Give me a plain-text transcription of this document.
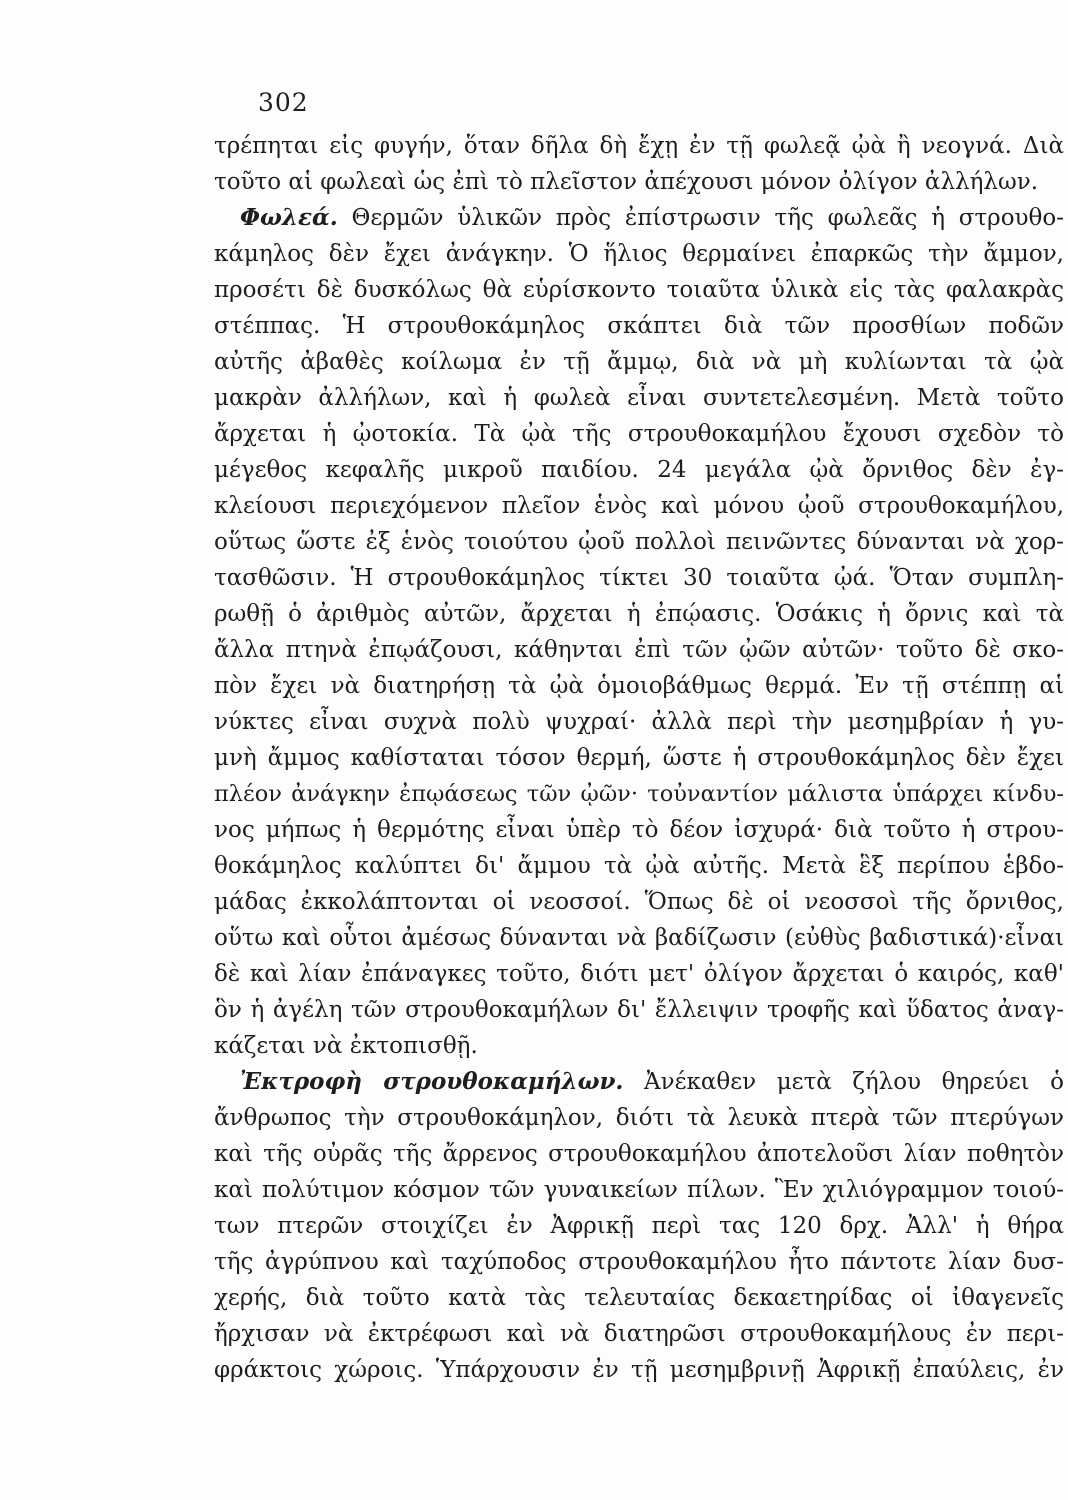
302
τρέπηται εἰς φυγήν, ὅταν δῆλα δὴ ἔχῃ ἐν τῇ φωλεᾷ ᾠὰ ἢ νεογνά. Διὰ
τοῦτο αἱ φωλεαὶ ὡς ἐπὶ τὸ πλεῖστον ἀπέχουσι μόνον ὀλίγον ἀλλήλων.
Φωλεά. Θερμῶν ὑλικῶν πρὸς ἐπίστρωσιν τῆς φωλεᾶς ἡ στρουθο-
κάμηλος δὲν ἔχει ἀνάγκην. Ὁ ἥλιος θερμαίνει ἐπαρκῶς τὴν ἄμμον,
προσέτι δὲ δυσκόλως θὰ εὑρίσκοντο τοιαῦτα ὑλικὰ εἰς τὰς φαλακρὰς
στέππας. Ἡ στρουθοκάμηλος σκάπτει διὰ τῶν προσθίων ποδῶν
αὐτῆς ἀβαθὲς κοίλωμα ἐν τῇ ἄμμῳ, διὰ νὰ μὴ κυλίωνται τὰ ᾠὰ
μακρὰν ἀλλήλων, καὶ ἡ φωλεὰ εἶναι συντετελεσμένη. Μετὰ τοῦτο
ἄρχεται ἡ ᾠοτοκία. Τὰ ᾠὰ τῆς στρουθοκαμήλου ἔχουσι σχεδὸν τὸ
μέγεθος κεφαλῆς μικροῦ παιδίου. 24 μεγάλα ᾠὰ ὄρνιθος δὲν ἐγ-
κλείουσι περιεχόμενον πλεῖον ἑνὸς καὶ μόνου ᾠοῦ στρουθοκαμήλου,
οὕτως ὥστε ἐξ ἑνὸς τοιούτου ᾠοῦ πολλοὶ πεινῶντες δύνανται νὰ χορ-
τασθῶσιν. Ἡ στρουθοκάμηλος τίκτει 30 τοιαῦτα ᾠά. Ὅταν συμπλη-
ρωθῇ ὁ ἀριθμὸς αὐτῶν, ἄρχεται ἡ ἐπῴασις. Ὁσάκις ἡ ὄρνις καὶ τὰ
ἄλλα πτηνὰ ἐπῳάζουσι, κάθηνται ἐπὶ τῶν ᾠῶν αὐτῶν· τοῦτο δὲ σκο-
πὸν ἔχει νὰ διατηρήσῃ τὰ ᾠὰ ὁμοιοβάθμως θερμά. Ἐν τῇ στέππῃ αἱ
νύκτες εἶναι συχνὰ πολὺ ψυχραί· ἀλλὰ περὶ τὴν μεσημβρίαν ἡ γυ-
μνὴ ἄμμος καθίσταται τόσον θερμή, ὥστε ἡ στρουθοκάμηλος δὲν ἔχει
πλέον ἀνάγκην ἐπῳάσεως τῶν ᾠῶν· τοὐναντίον μάλιστα ὑπάρχει κίνδυ-
νος μήπως ἡ θερμότης εἶναι ὑπὲρ τὸ δέον ἰσχυρά· διὰ τοῦτο ἡ στρου-
θοκάμηλος καλύπτει δι' ἄμμου τὰ ᾠὰ αὐτῆς. Μετὰ ἓξ περίπου ἑβδο-
μάδας ἐκκολάπτονται οἱ νεοσσοί. Ὅπως δὲ οἱ νεοσσοὶ τῆς ὄρνιθος,
οὕτω καὶ οὗτοι ἀμέσως δύνανται νὰ βαδίζωσιν (εὐθὺς βαδιστικά)·εἶναι
δὲ καὶ λίαν ἐπάναγκες τοῦτο, διότι μετ' ὀλίγον ἄρχεται ὁ καιρός, καθ'
ὃν ἡ ἀγέλη τῶν στρουθοκαμήλων δι' ἔλλειψιν τροφῆς καὶ ὕδατος ἀναγ-
κάζεται νὰ ἐκτοπισθῇ.
Ἐκτροφὴ στρουθοκαμήλων. Ἀνέκαθεν μετὰ ζήλου θηρεύει ὁ
ἄνθρωπος τὴν στρουθοκάμηλον, διότι τὰ λευκὰ πτερὰ τῶν πτερύγων
καὶ τῆς οὐρᾶς τῆς ἄρρενος στρουθοκαμήλου ἀποτελοῦσι λίαν ποθητὸν
καὶ πολύτιμον κόσμον τῶν γυναικείων πίλων. Ἓν χιλιόγραμμον τοιού-
των πτερῶν στοιχίζει ἐν Ἀφρικῇ περὶ τας 120 δρχ. Ἀλλ' ἡ θήρα
τῆς ἀγρύπνου καὶ ταχύποδος στρουθοκαμήλου ἦτο πάντοτε λίαν δυσ-
χερής, διὰ τοῦτο κατὰ τὰς τελευταίας δεκαετηρίδας οἱ ἰθαγενεῖς
ἤρχισαν νὰ ἐκτρέφωσι καὶ νὰ διατηρῶσι στρουθοκαμήλους ἐν περι-
φράκτοις χώροις. Ὑπάρχουσιν ἐν τῇ μεσημβρινῇ Ἀφρικῇ ἐπαύλεις, ἐν
